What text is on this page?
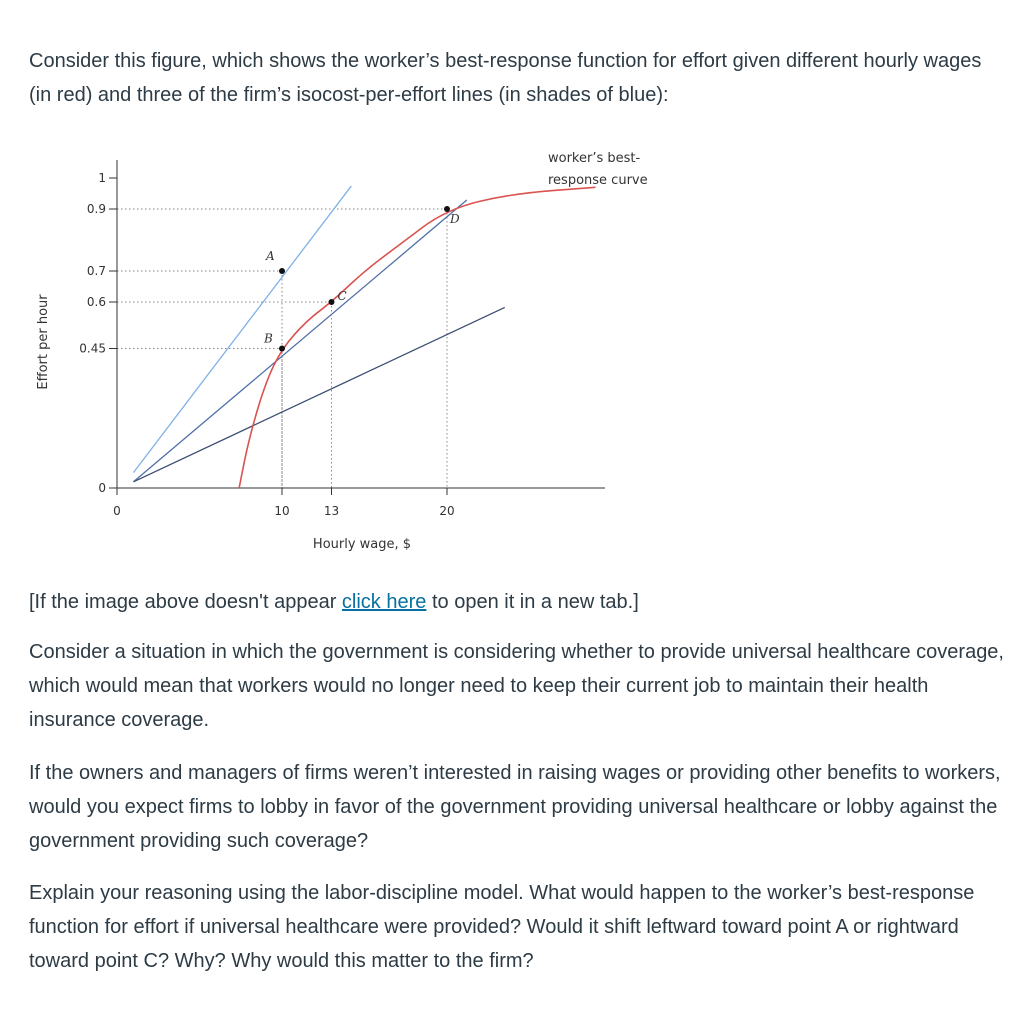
Consider this figure, which shows the worker’s best-response function for effort given different hourly wages (in red) and three of the firm’s isocost-per-effort lines (in shades of blue):

1
0.9
0.7
0.6
0.45
0
0	10	13	20
A
B
C
D
worker’s best-
response curve
Hourly wage, $
Effort per hour

[If the image above doesn't appear click here to open it in a new tab.]

Consider a situation in which the government is considering whether to provide universal healthcare coverage, which would mean that workers would no longer need to keep their current job to maintain their health insurance coverage.

If the owners and managers of firms weren’t interested in raising wages or providing other benefits to workers, would you expect firms to lobby in favor of the government providing universal healthcare or lobby against the government providing such coverage?

Explain your reasoning using the labor-discipline model. What would happen to the worker’s best-response function for effort if universal healthcare were provided? Would it shift leftward toward point A or rightward toward point C? Why? Why would this matter to the firm?
